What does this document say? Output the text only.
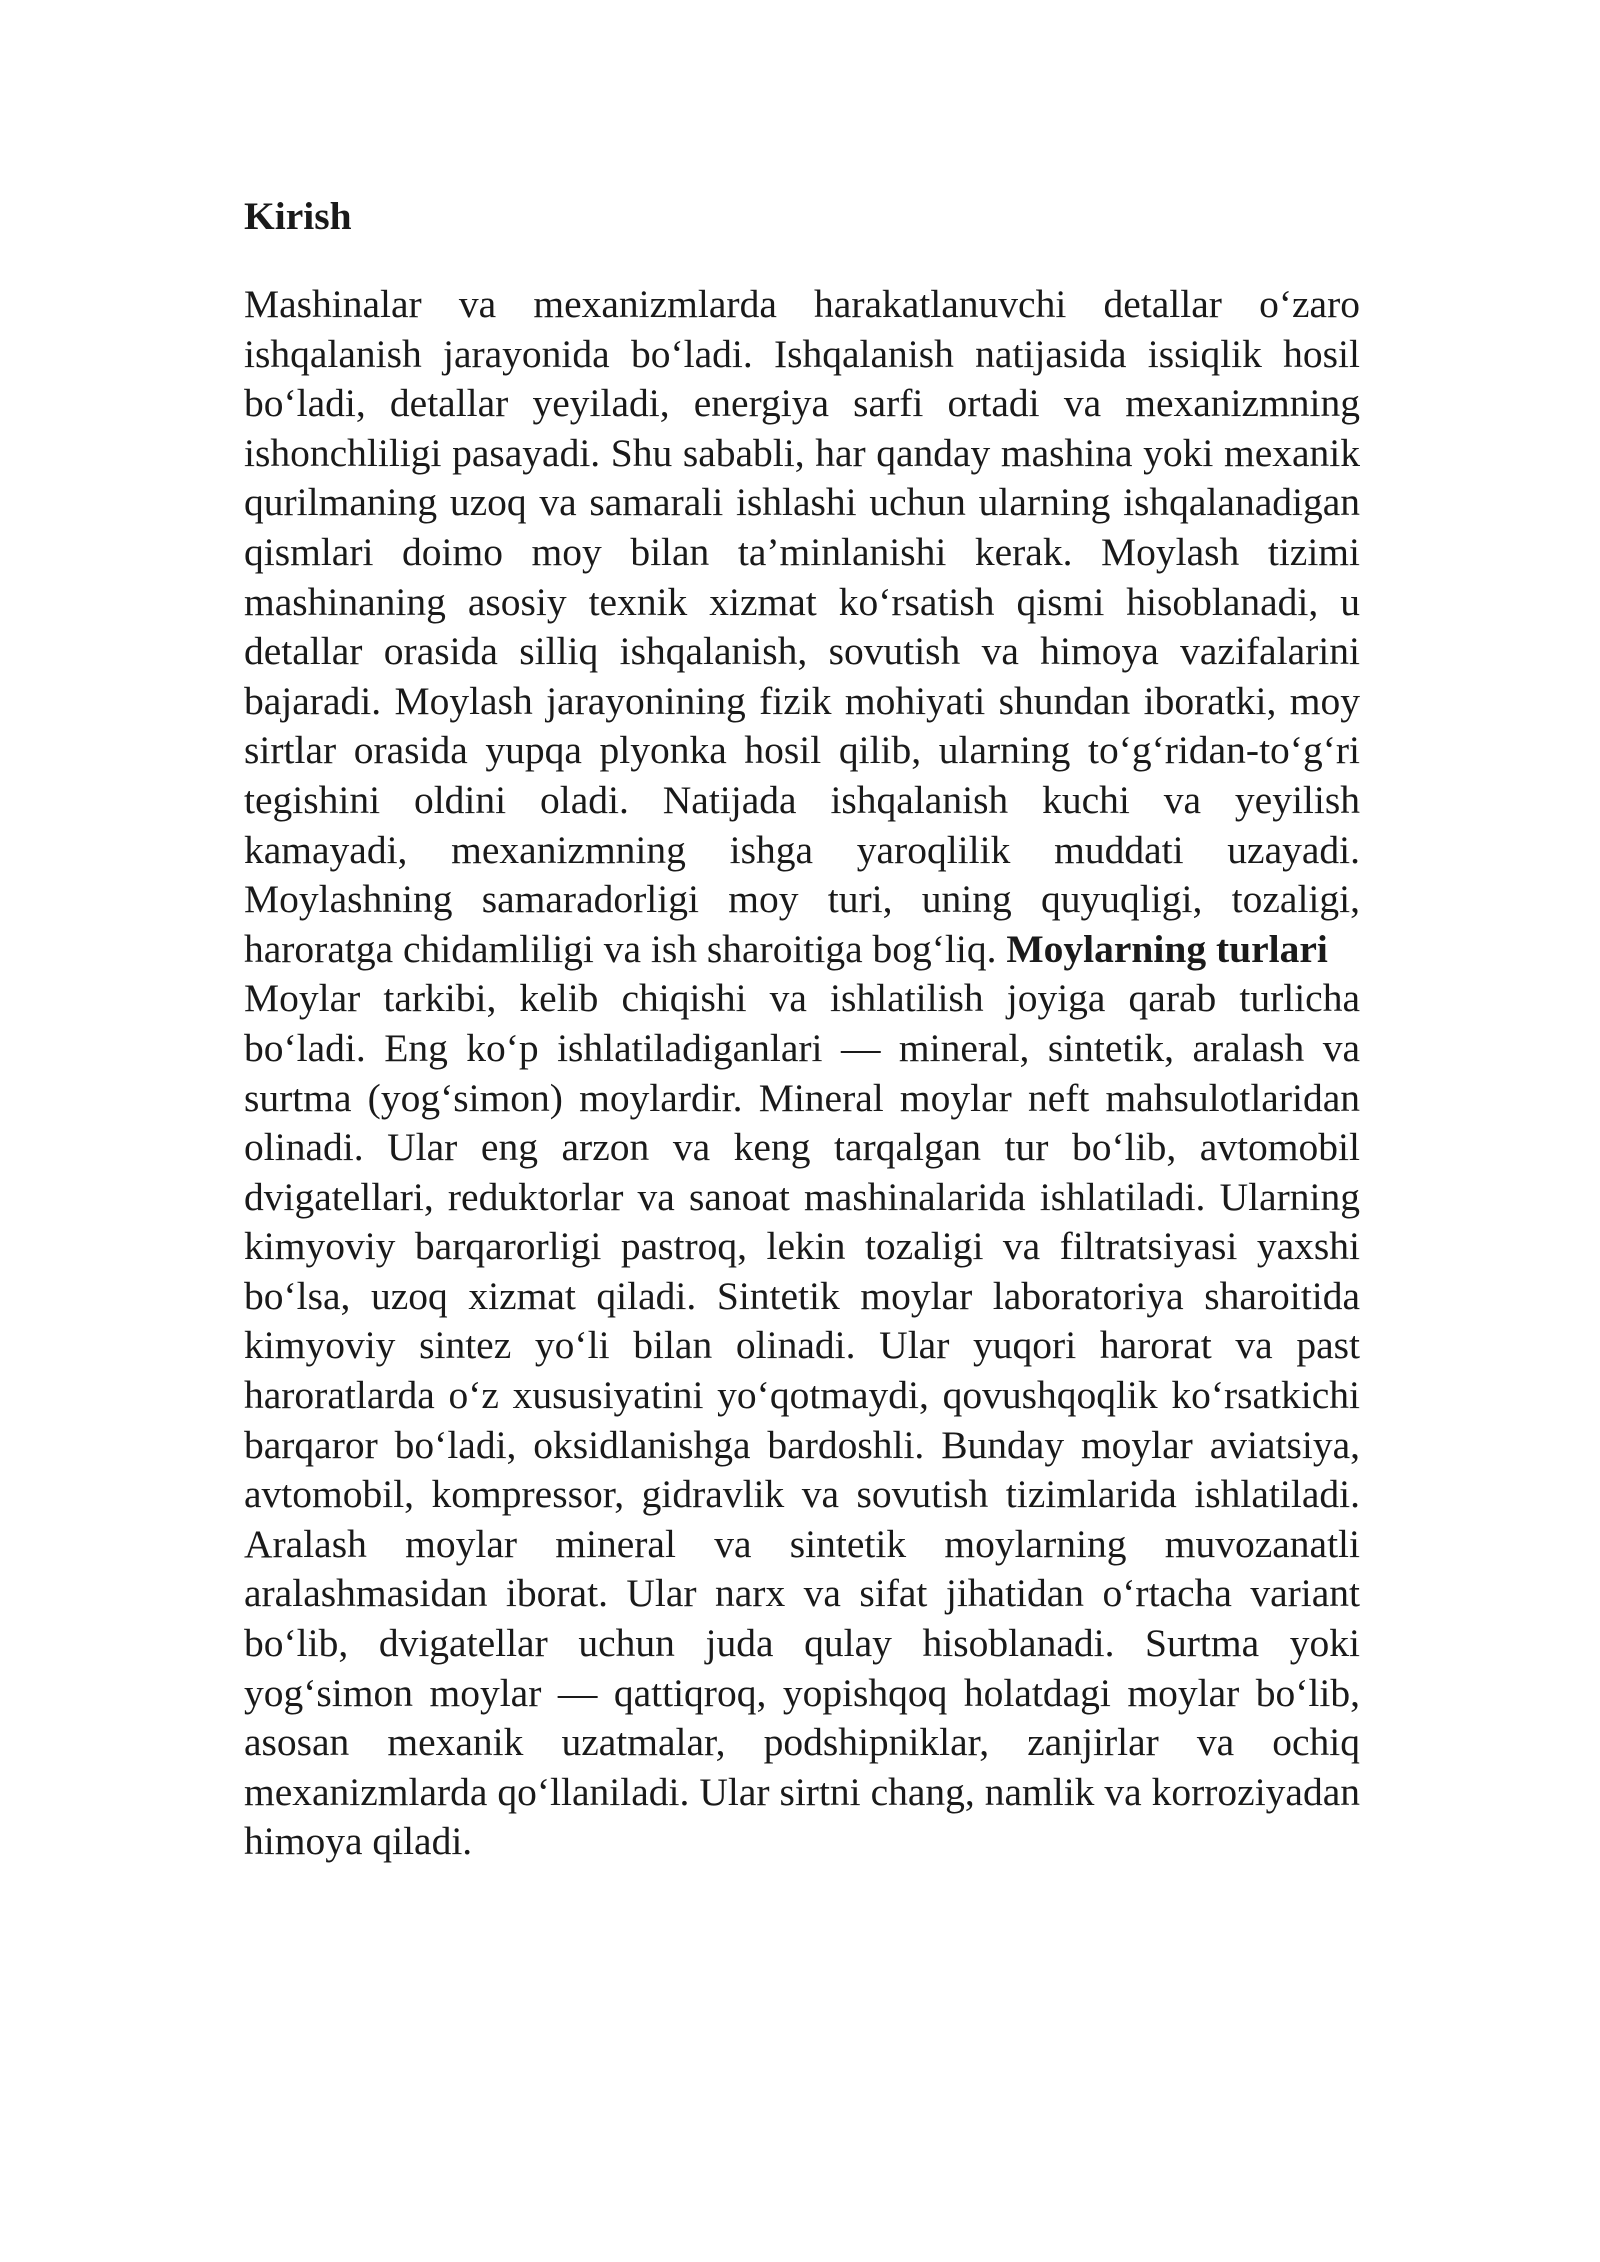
Kirish

Mashinalar va mexanizmlarda harakatlanuvchi detallar o‘zaro ishqalanish jarayonida bo‘ladi. Ishqalanish natijasida issiqlik hosil bo‘ladi, detallar yeyiladi, energiya sarfi ortadi va mexanizmning ishonchliligi pasayadi. Shu sababli, har qanday mashina yoki mexanik qurilmaning uzoq va samarali ishlashi uchun ularning ishqalanadigan qismlari doimo moy bilan ta’minlanishi kerak. Moylash tizimi mashinaning asosiy texnik xizmat ko‘rsatish qismi hisoblanadi, u detallar orasida silliq ishqalanish, sovutish va himoya vazifalarini bajaradi. Moylash jarayonining fizik mohiyati shundan iboratki, moy sirtlar orasida yupqa plyonka hosil qilib, ularning to‘g‘ridan-to‘g‘ri tegishini oldini oladi. Natijada ishqalanish kuchi va yeyilish kamayadi, mexanizmning ishga yaroqlilik muddati uzayadi. Moylashning samaradorligi moy turi, uning quyuqligi, tozaligi, haroratga chidamliligi va ish sharoitiga bog‘liq. Moylarning turlari
Moylar tarkibi, kelib chiqishi va ishlatilish joyiga qarab turlicha bo‘ladi. Eng ko‘p ishlatiladiganlari — mineral, sintetik, aralash va surtma (yog‘simon) moylardir. Mineral moylar neft mahsulotlaridan olinadi. Ular eng arzon va keng tarqalgan tur bo‘lib, avtomobil dvigatellari, reduktorlar va sanoat mashinalarida ishlatiladi. Ularning kimyoviy barqarorligi pastroq, lekin tozaligi va filtratsiyasi yaxshi bo‘lsa, uzoq xizmat qiladi. Sintetik moylar laboratoriya sharoitida kimyoviy sintez yo‘li bilan olinadi. Ular yuqori harorat va past haroratlarda o‘z xususiyatini yo‘qotmaydi, qovushqoqlik ko‘rsatkichi barqaror bo‘ladi, oksidlanishga bardoshli. Bunday moylar aviatsiya, avtomobil, kompressor, gidravlik va sovutish tizimlarida ishlatiladi. Aralash moylar mineral va sintetik moylarning muvozanatli aralashmasidan iborat. Ular narx va sifat jihatidan o‘rtacha variant bo‘lib, dvigatellar uchun juda qulay hisoblanadi. Surtma yoki yog‘simon moylar — qattiqroq, yopishqoq holatdagi moylar bo‘lib, asosan mexanik uzatmalar, podshipniklar, zanjirlar va ochiq mexanizmlarda qo‘llaniladi. Ular sirtni chang, namlik va korroziyadan himoya qiladi.
